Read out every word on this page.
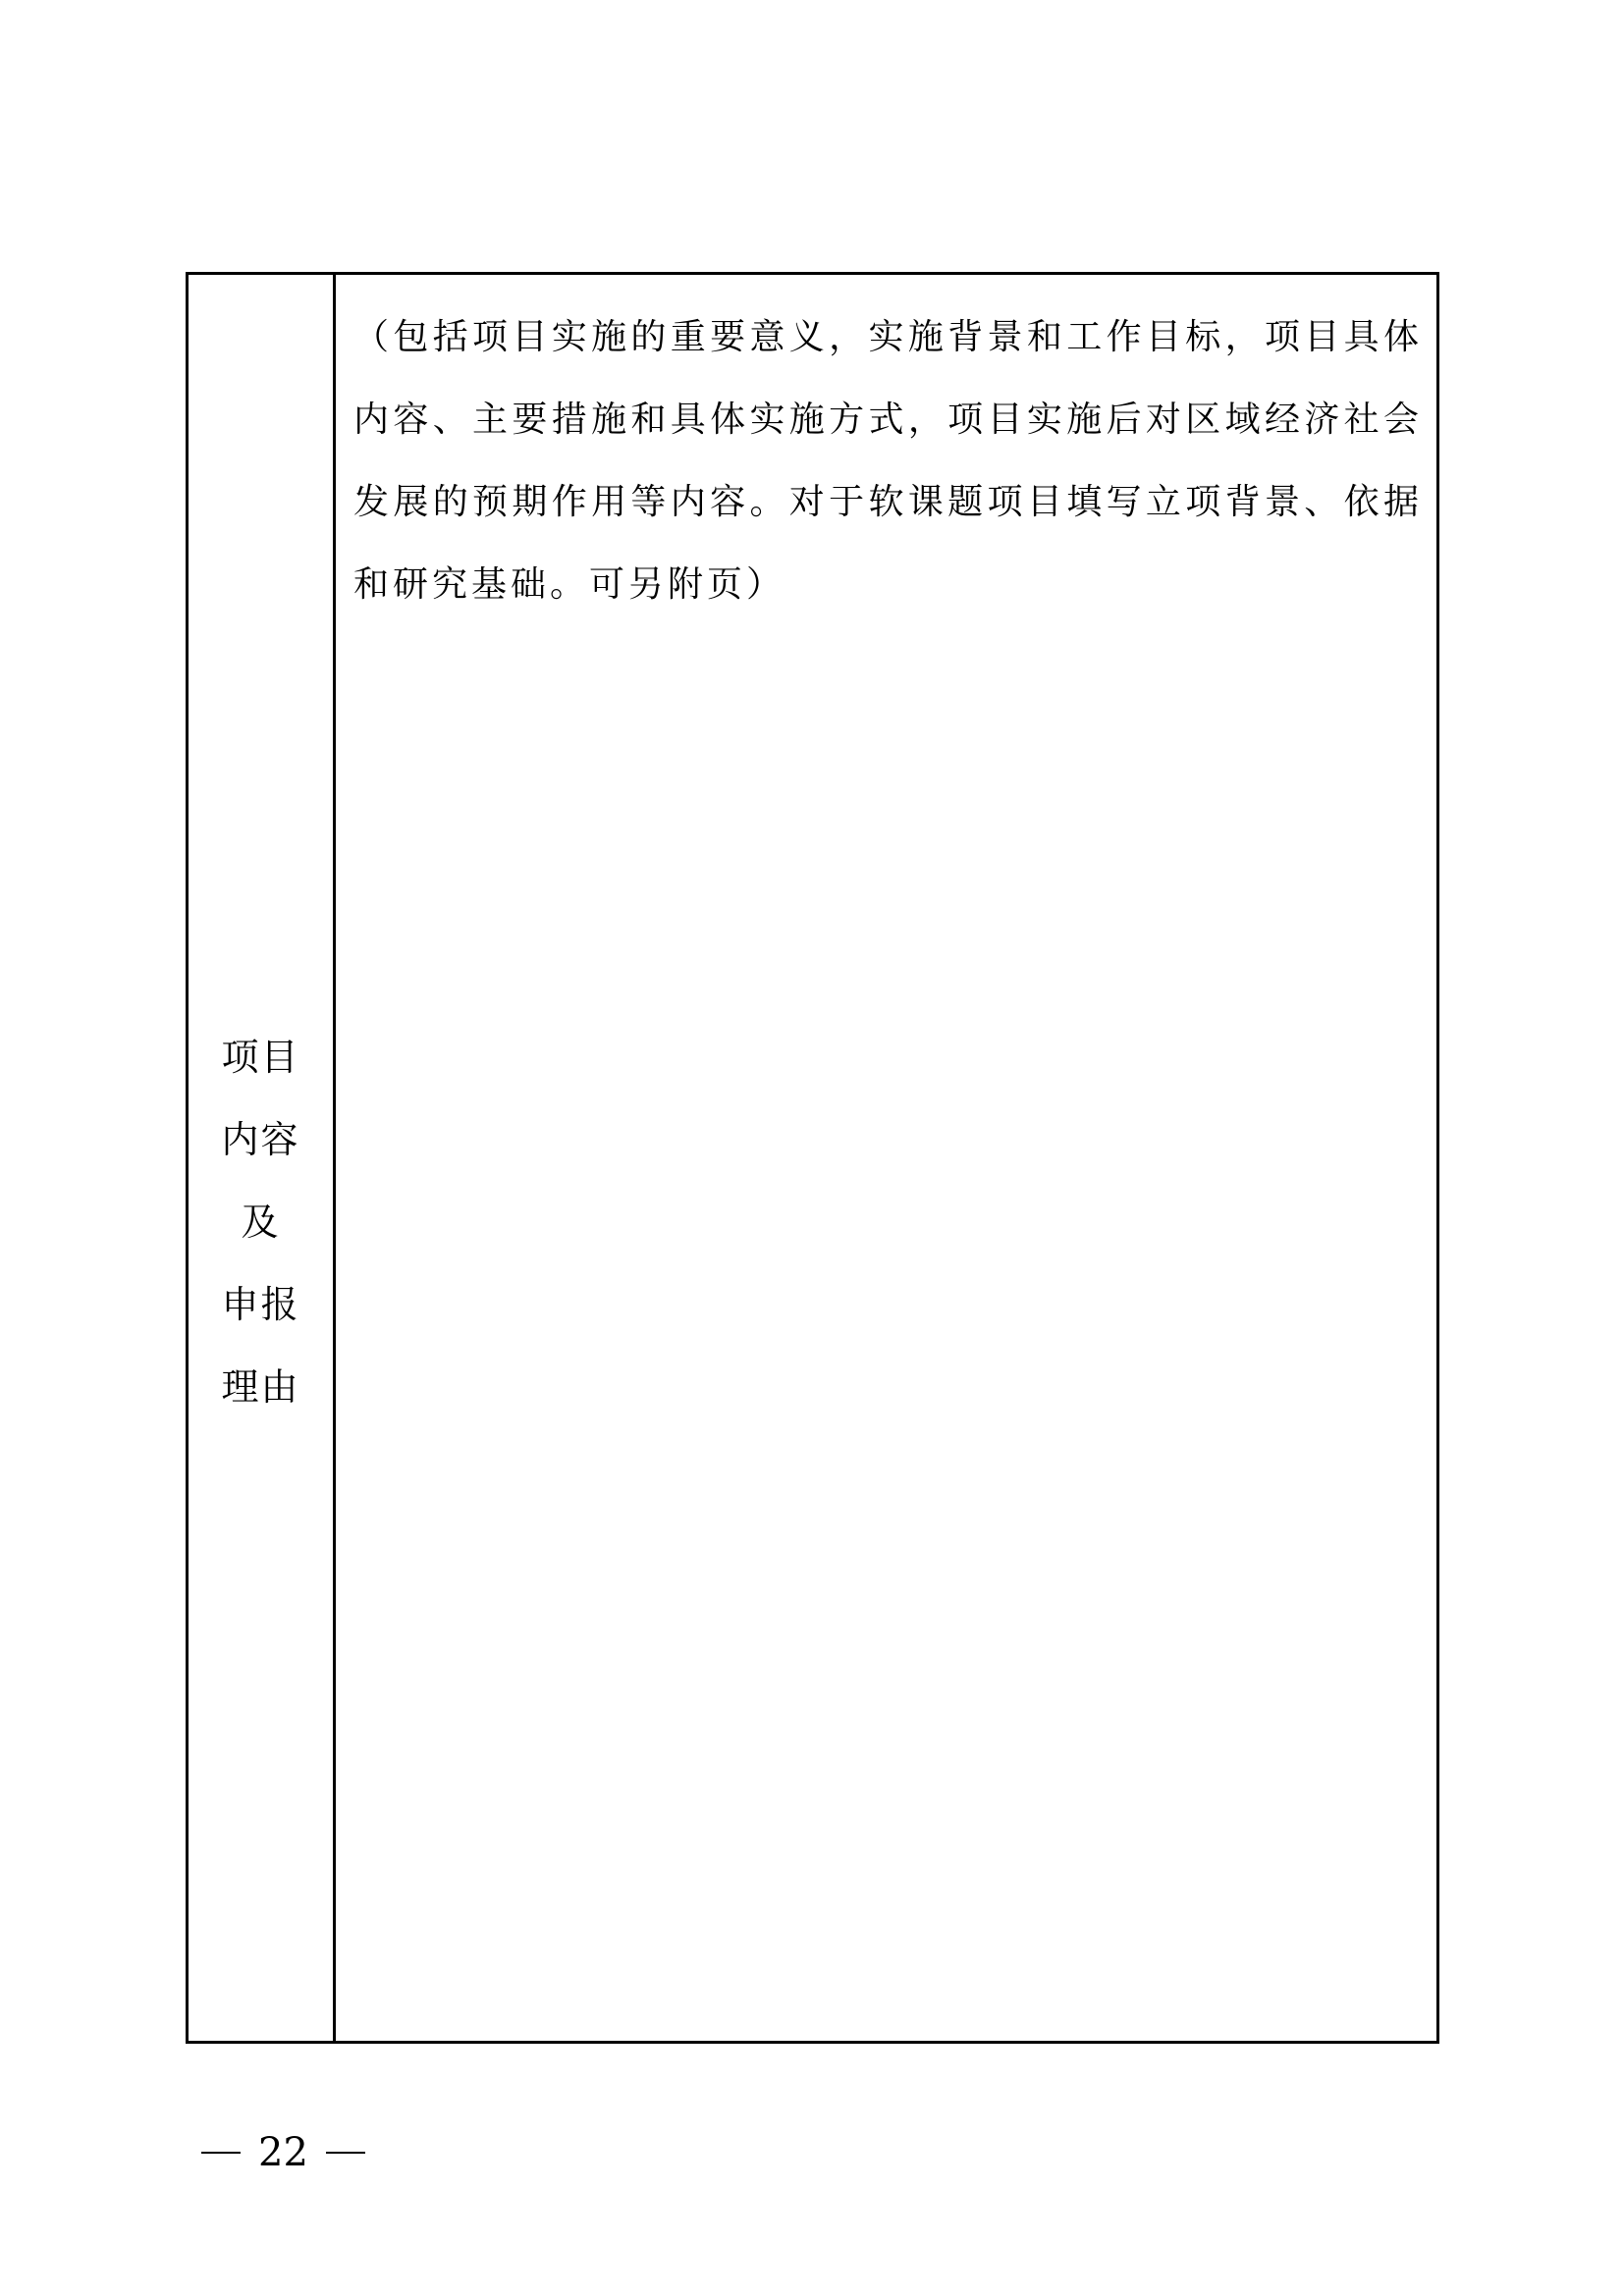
项目
内容
及
申报
理由

（包括项目实施的重要意义，实施背景和工作目标，项目具体内容、主要措施和具体实施方式，项目实施后对区域经济社会发展的预期作用等内容。对于软课题项目填写立项背景、依据和研究基础。可另附页）

22
